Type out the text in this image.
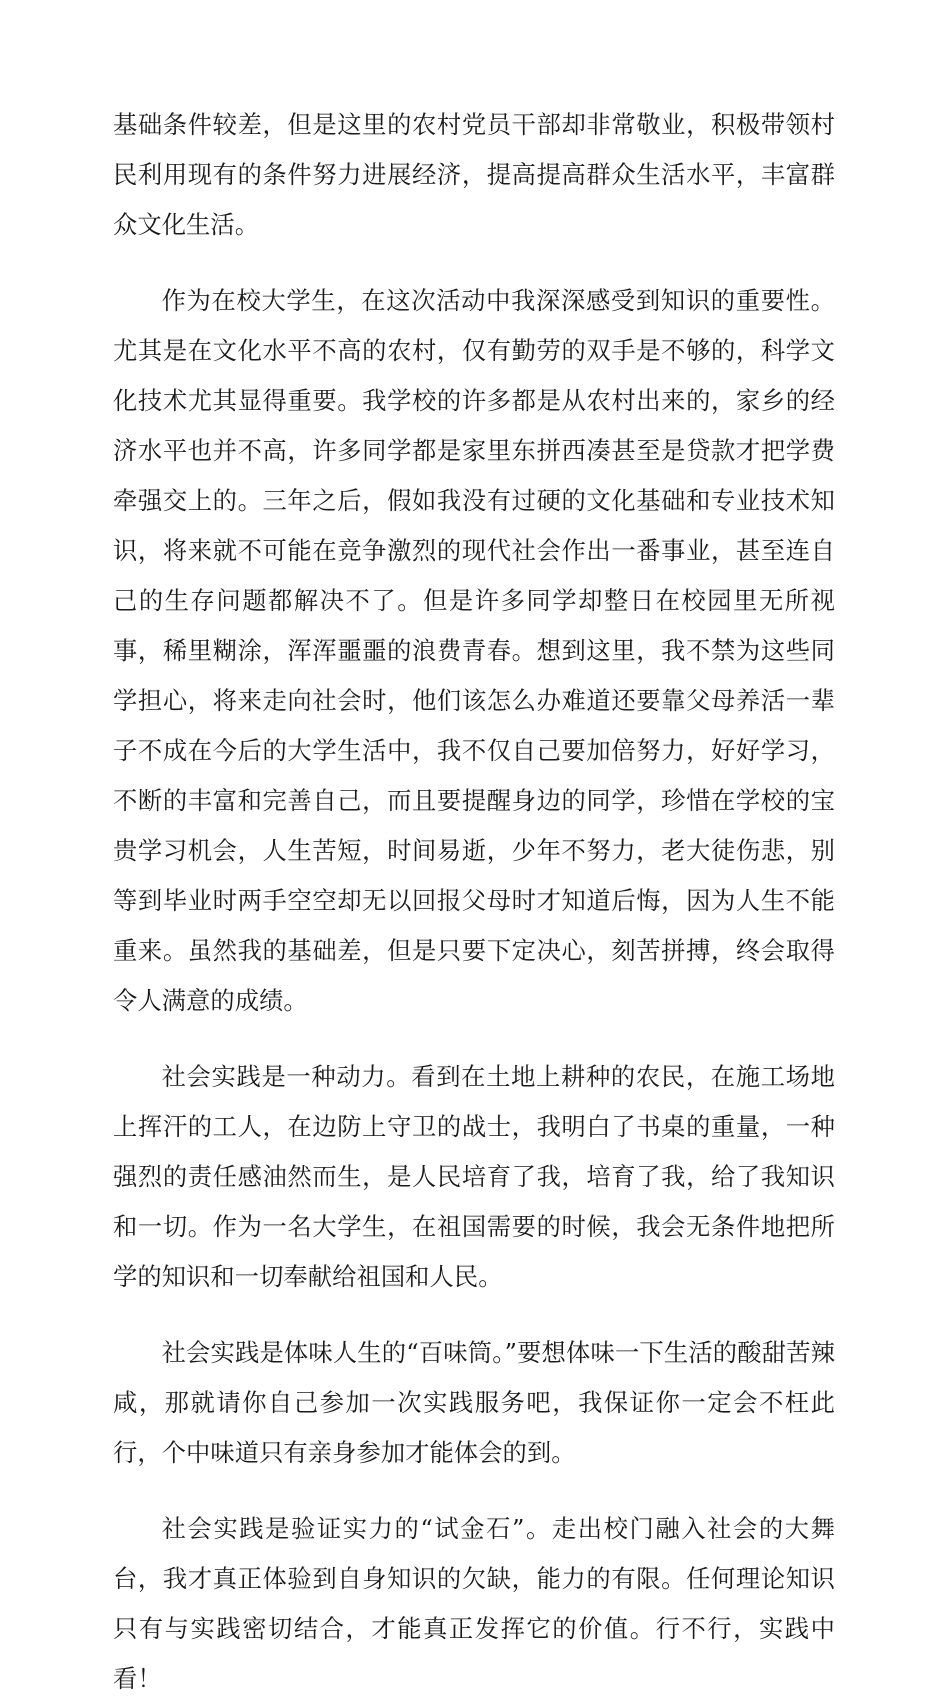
基础条件较差，但是这里的农村党员干部却非常敬业，积极带领村民利用现有的条件努力进展经济，提高提高群众生活水平，丰富群众文化生活。

作为在校大学生，在这次活动中我深深感受到知识的重要性。尤其是在文化水平不高的农村，仅有勤劳的双手是不够的，科学文化技术尤其显得重要。我学校的许多都是从农村出来的，家乡的经济水平也并不高，许多同学都是家里东拼西凑甚至是贷款才把学费牵强交上的。三年之后，假如我没有过硬的文化基础和专业技术知识，将来就不可能在竞争激烈的现代社会作出一番事业，甚至连自己的生存问题都解决不了。但是许多同学却整日在校园里无所视事，稀里糊涂，浑浑噩噩的浪费青春。想到这里，我不禁为这些同学担心，将来走向社会时，他们该怎么办难道还要靠父母养活一辈子不成在今后的大学生活中，我不仅自己要加倍努力，好好学习，不断的丰富和完善自己，而且要提醒身边的同学，珍惜在学校的宝贵学习机会，人生苦短，时间易逝，少年不努力，老大徒伤悲，别等到毕业时两手空空却无以回报父母时才知道后悔，因为人生不能重来。虽然我的基础差，但是只要下定决心，刻苦拼搏，终会取得令人满意的成绩。

社会实践是一种动力。看到在土地上耕种的农民，在施工场地上挥汗的工人，在边防上守卫的战士，我明白了书桌的重量，一种强烈的责任感油然而生，是人民培育了我，培育了我，给了我知识和一切。作为一名大学生，在祖国需要的时候，我会无条件地把所学的知识和一切奉献给祖国和人民。

社会实践是体味人生的“百味筒。”要想体味一下生活的酸甜苦辣咸，那就请你自己参加一次实践服务吧，我保证你一定会不枉此行，个中味道只有亲身参加才能体会的到。

社会实践是验证实力的“试金石”。走出校门融入社会的大舞台，我才真正体验到自身知识的欠缺，能力的有限。任何理论知识只有与实践密切结合，才能真正发挥它的价值。行不行，实践中看！
